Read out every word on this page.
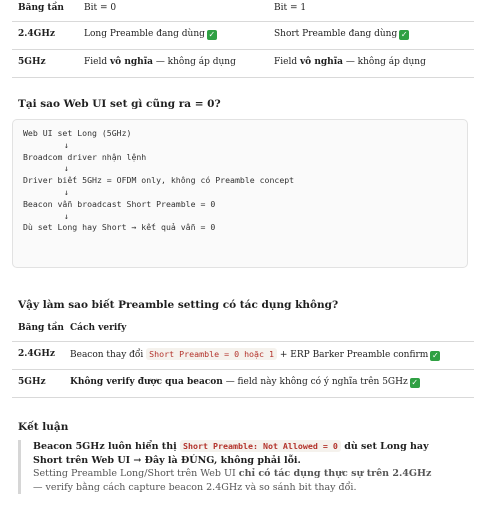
Băng tần	Bit = 0	Bit = 1
2.4GHz	Long Preamble đang dùng ✓	Short Preamble đang dùng ✓
5GHz	Field vô nghĩa — không áp dụng	Field vô nghĩa — không áp dụng
Tại sao Web UI set gì cũng ra = 0?
Web UI set Long (5GHz)
↓
Broadcom driver nhận lệnh
↓
Driver biết 5GHz = OFDM only, không có Preamble concept
↓
Beacon vẫn broadcast Short Preamble = 0
↓
Dù set Long hay Short → kết quả vẫn = 0
Vậy làm sao biết Preamble setting có tác dụng không?
Băng tần	Cách verify
2.4GHz	Beacon thay đổi Short Preamble = 0 hoặc 1 + ERP Barker Preamble confirm ✓
5GHz	Không verify được qua beacon — field này không có ý nghĩa trên 5GHz ✓
Kết luận
Beacon 5GHz luôn hiển thị Short Preamble: Not Allowed = 0 dù set Long hay Short trên Web UI → Đây là ĐÚNG, không phải lỗi.
Setting Preamble Long/Short trên Web UI chỉ có tác dụng thực sự trên 2.4GHz — verify bằng cách capture beacon 2.4GHz và so sánh bit thay đổi.
